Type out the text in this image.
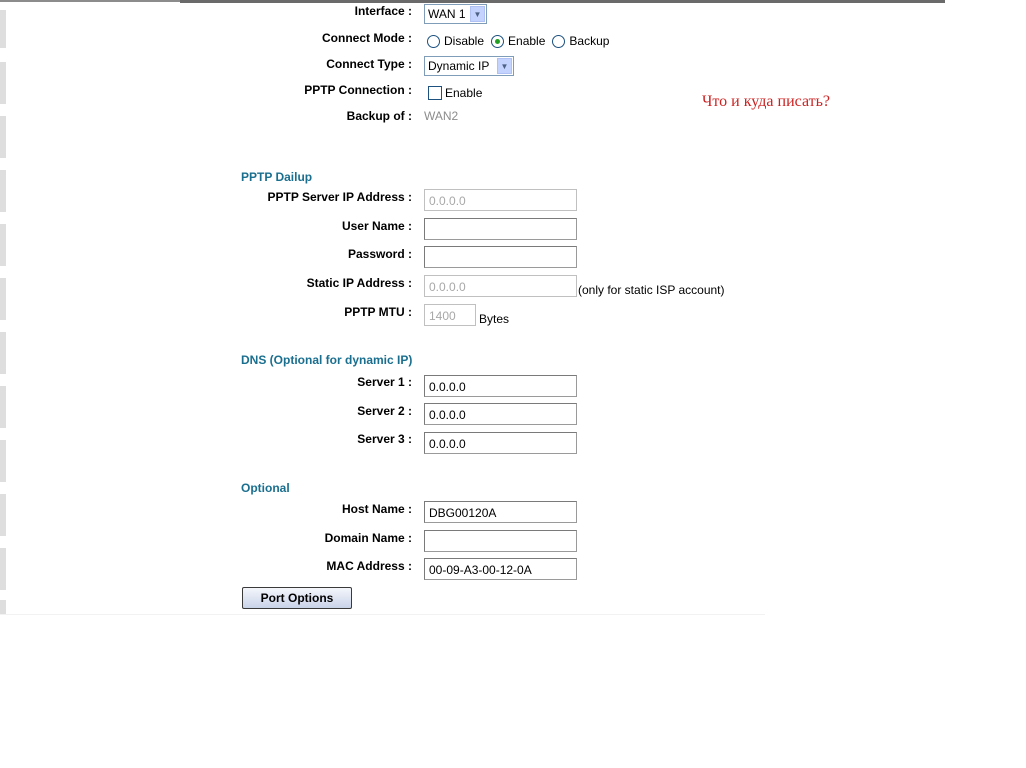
Interface : WAN 1 ▼
Connect Mode :	Disable Enable Backup
Connect Type : Dynamic IP	▼
PPTP Connection :	Enable
Backup of : WAN2
Что и куда писать?
PPTP Dailup
PPTP Server IP Address :	0.0.0.0
User Name :
Password :
Static IP Address :	0.0.0.0	(only for static ISP account)
PPTP MTU :	1400	Bytes
DNS (Optional for dynamic IP)
Server 1 :	0.0.0.0
Server 2 :	0.0.0.0
Server 3 :	0.0.0.0
Optional
Host Name :	DBG00120A
Domain Name :
MAC Address :	00-09-A3-00-12-0A
Port Options
